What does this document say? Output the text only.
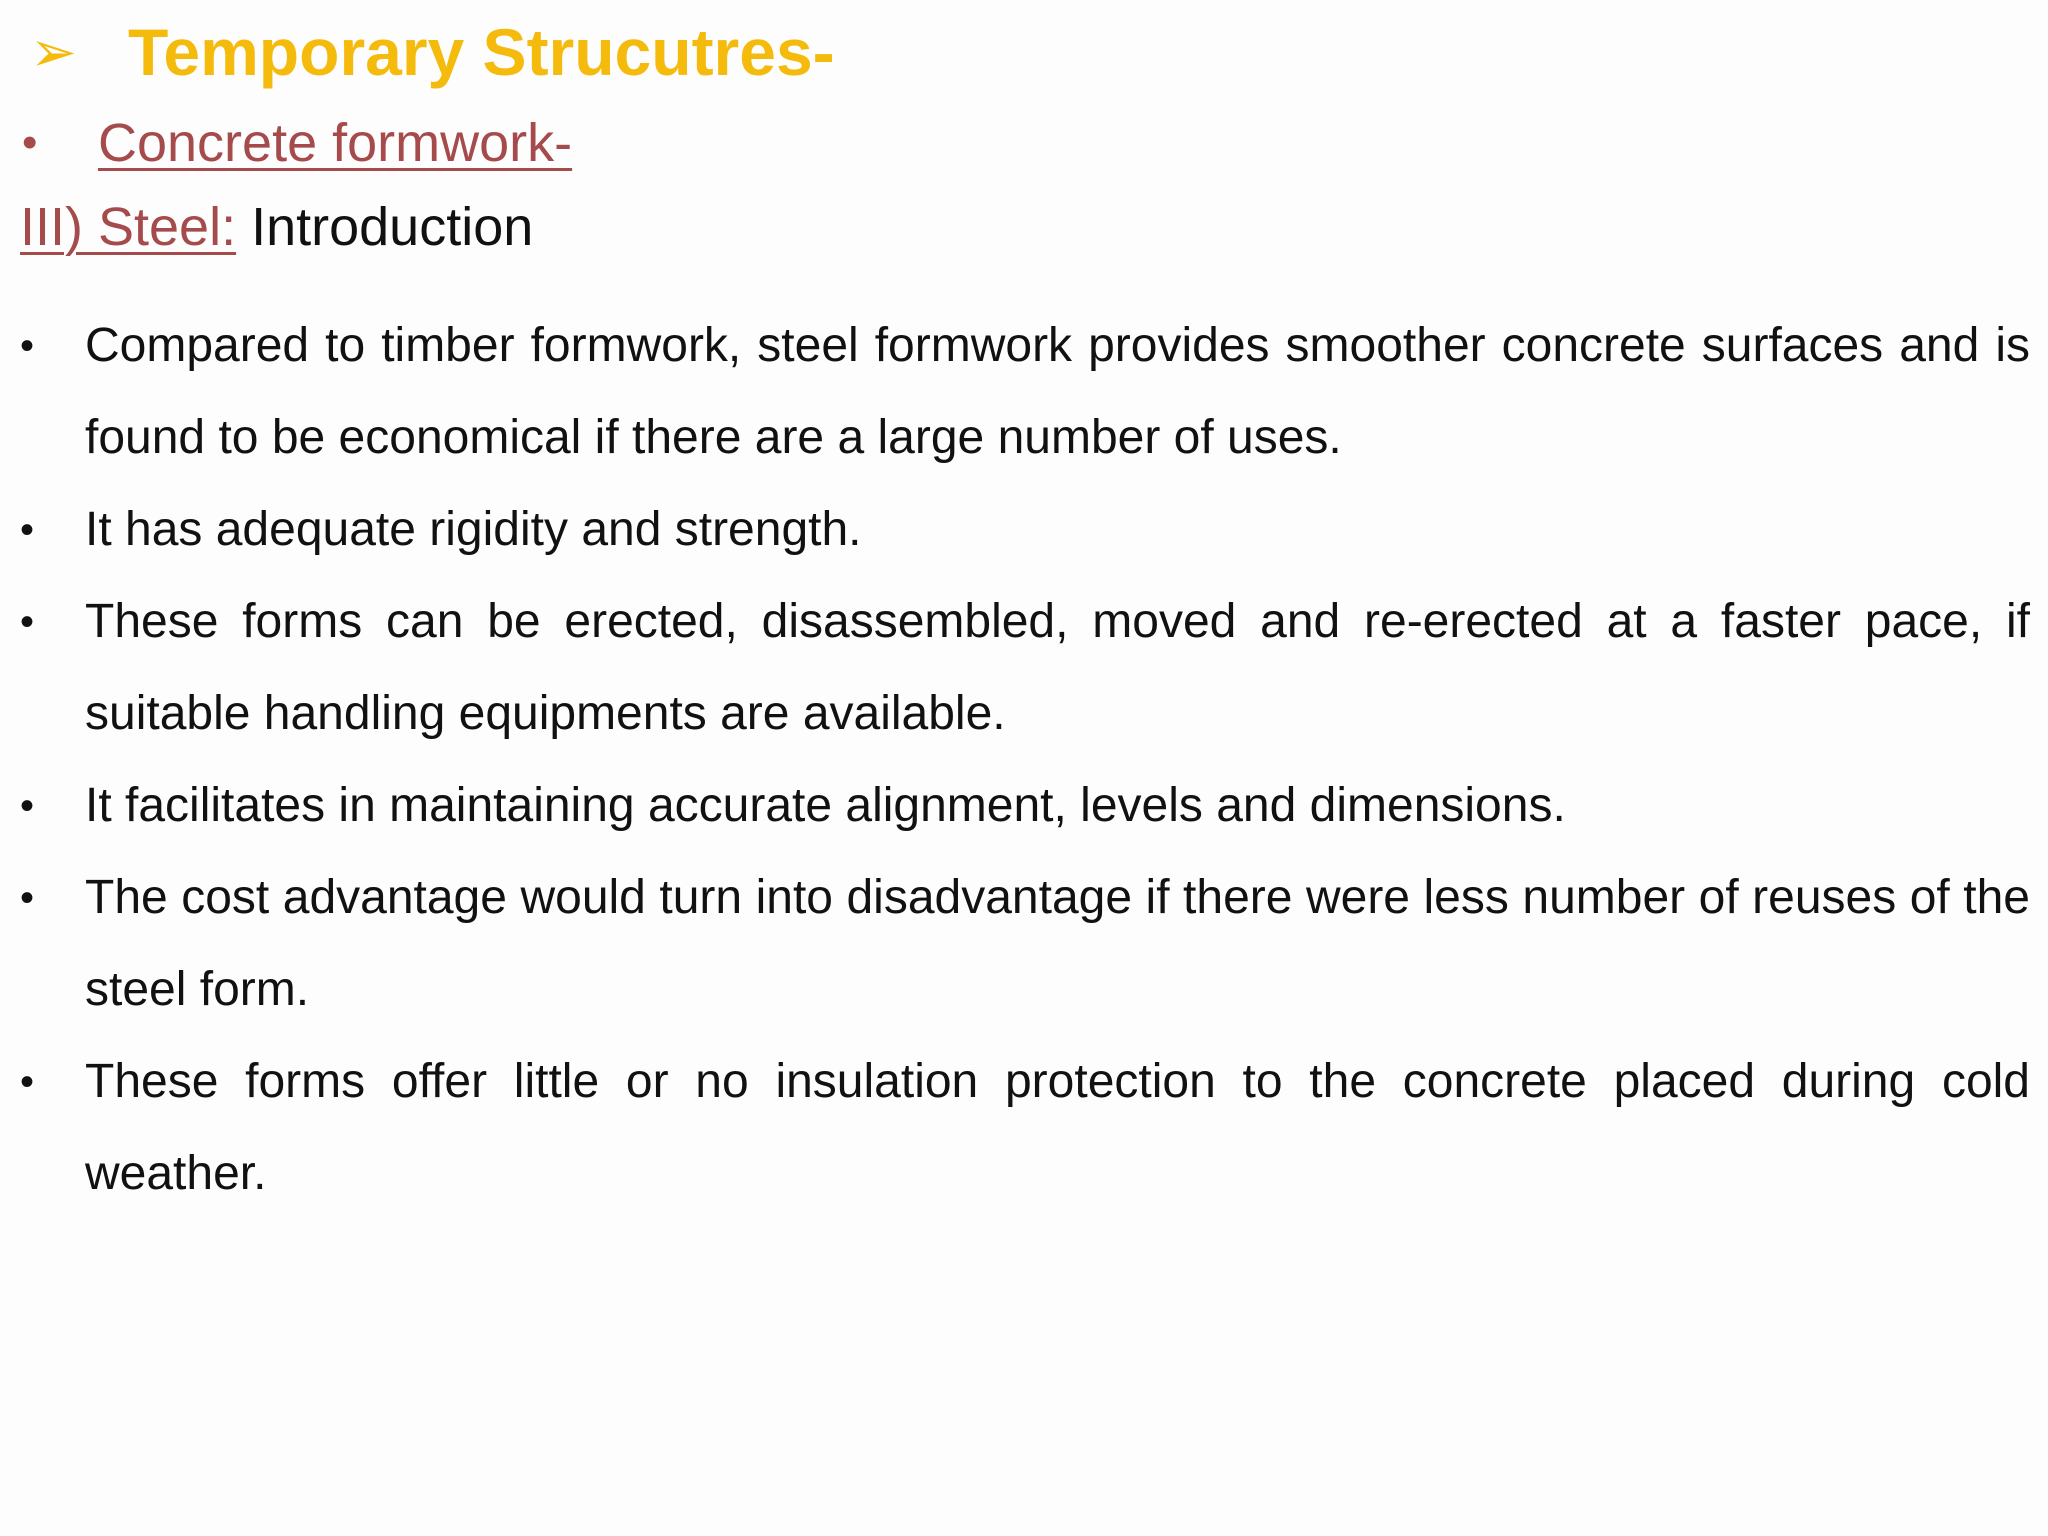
➢ Temporary Strucutres-
•	Concrete formwork-
III) Steel: Introduction
•	Compared to timber formwork, steel formwork provides smoother concrete surfaces and is found to be economical if there are a large number of uses.
•	It has adequate rigidity and strength.
•	These forms can be erected, disassembled, moved and re-erected at a faster pace, if suitable handling equipments are available.
•	It facilitates in maintaining accurate alignment, levels and dimensions.
•	The cost advantage would turn into disadvantage if there were less number of reuses of the steel form.
•	These forms offer little or no insulation protection to the concrete placed during cold weather.
